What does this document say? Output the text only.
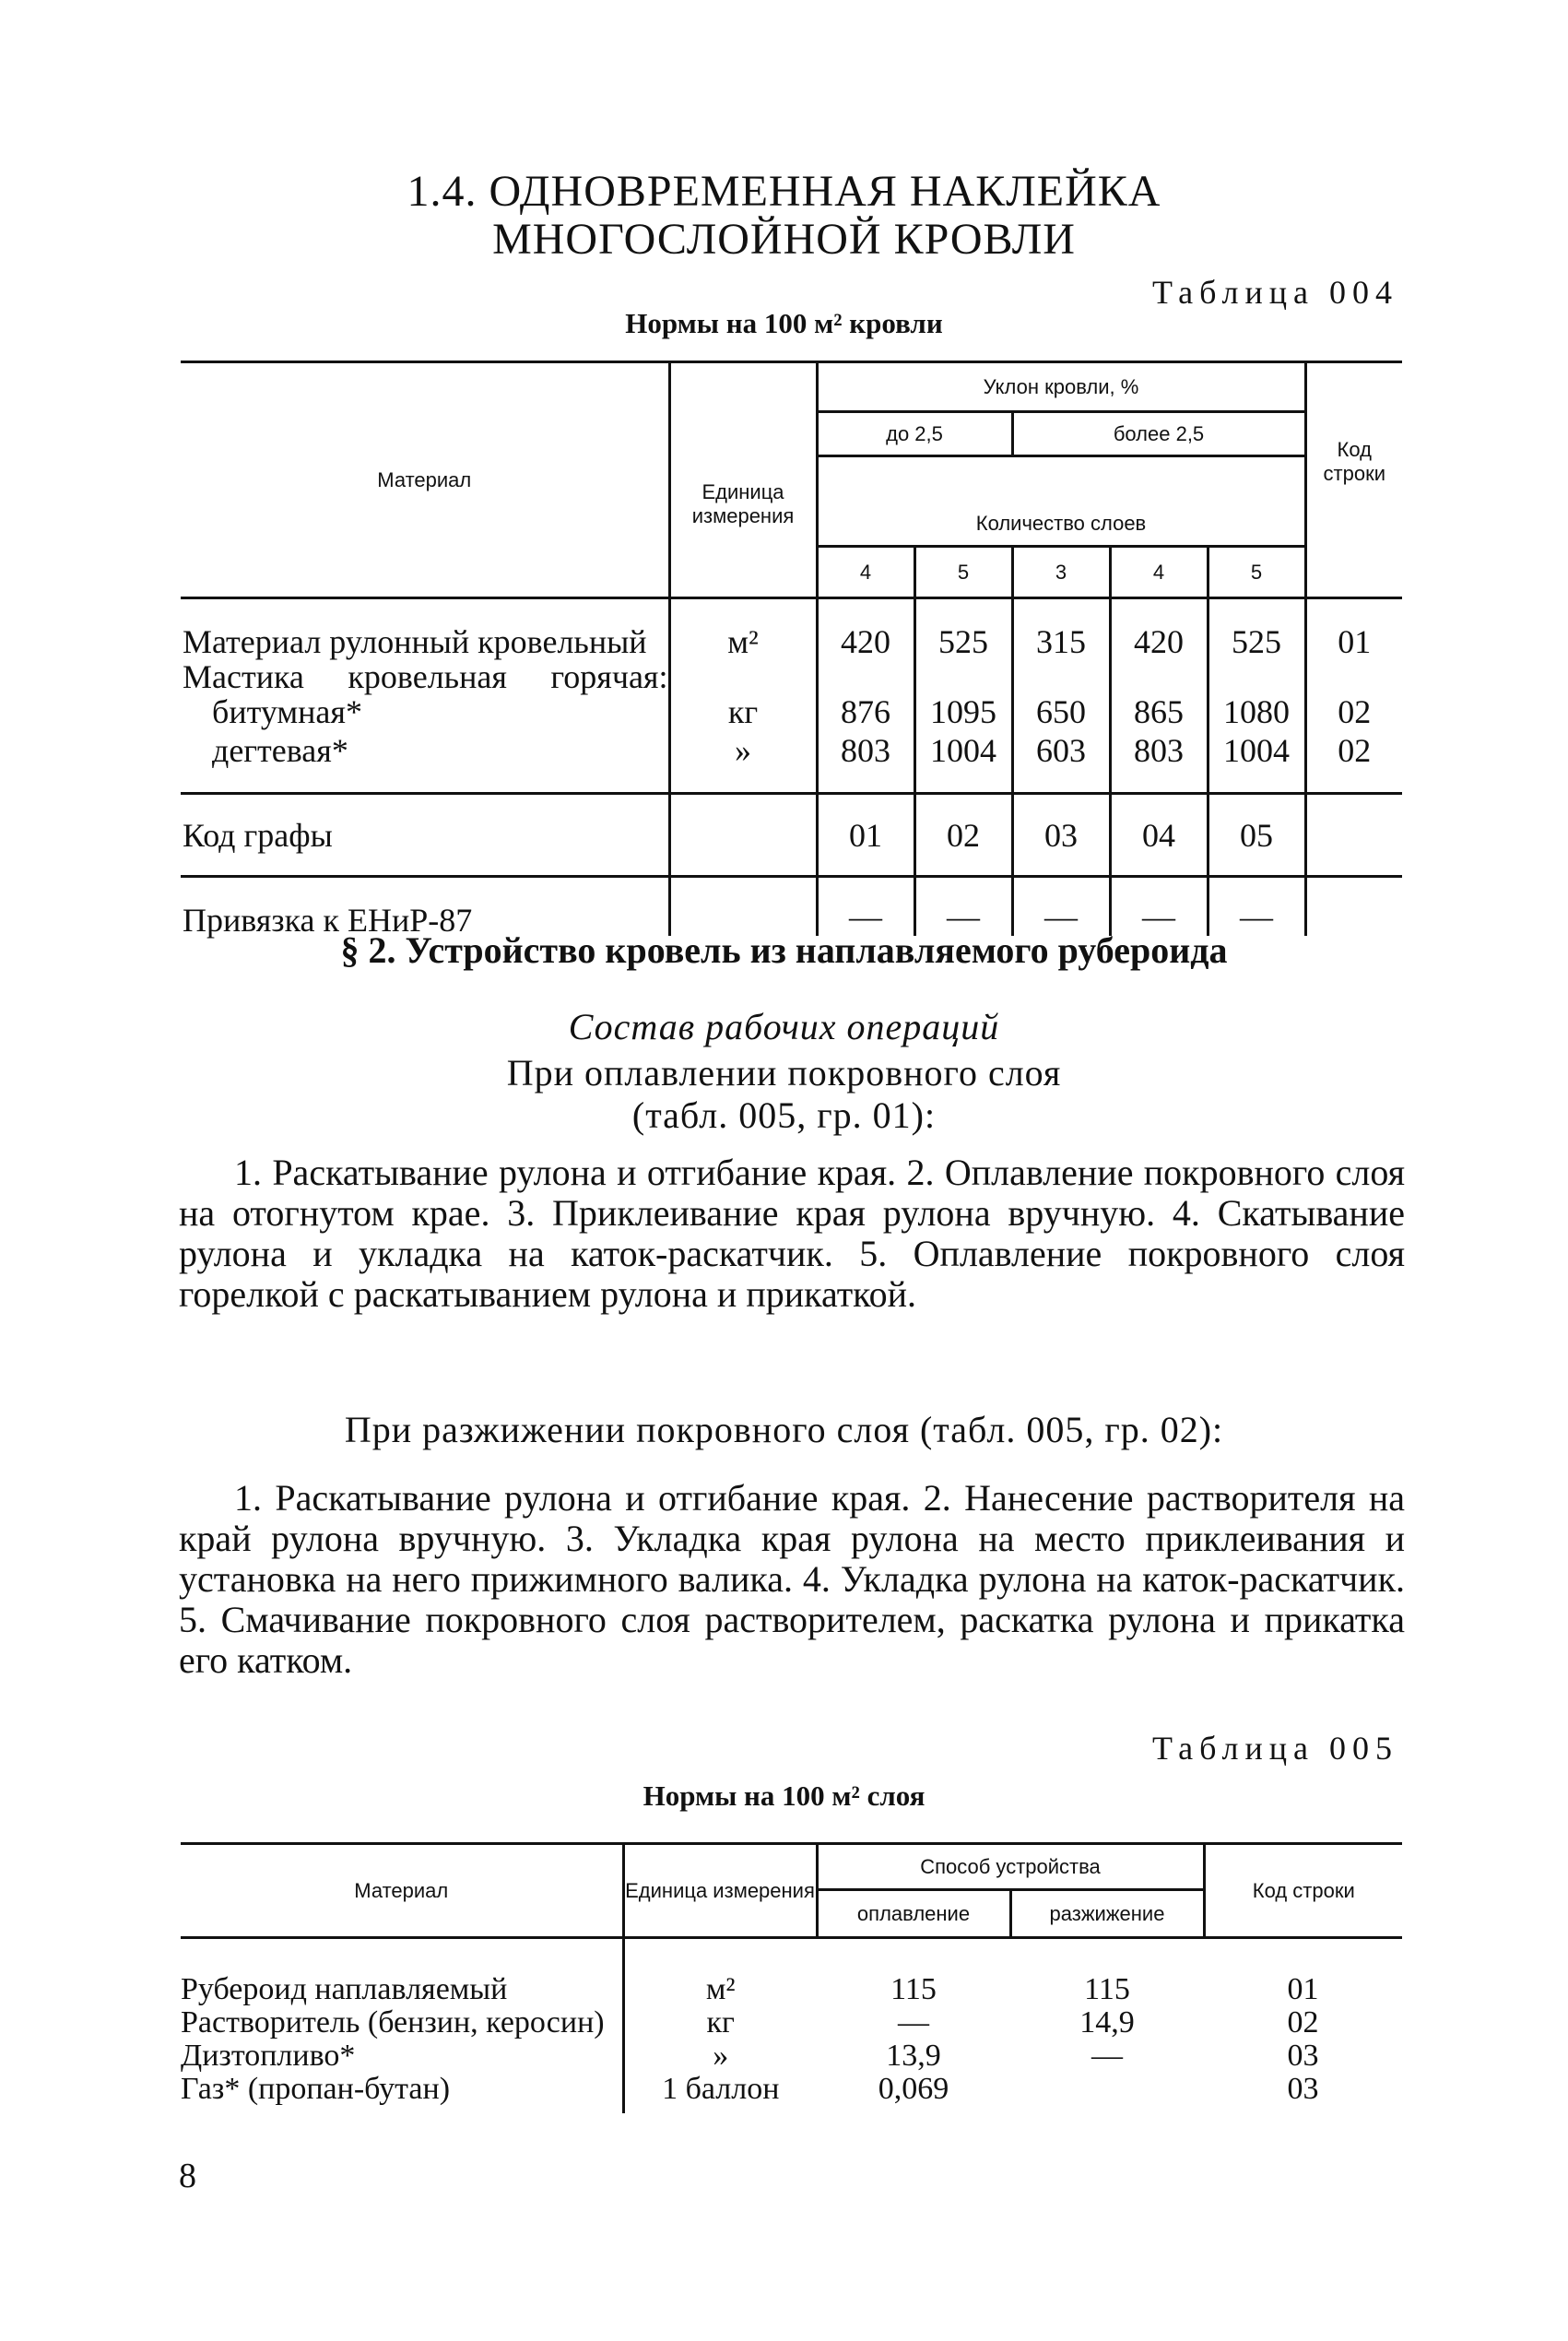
1.4. ОДНОВРЕМЕННАЯ НАКЛЕЙКА
МНОГОСЛОЙНОЙ КРОВЛИ
Таблица 004
Нормы на 100 м² кровли
Материал	Единица измерения	Уклон кровли, %					Код строки
		до 2,5		более 2,5			
		Количество слоев					
		4	5	3	4	5	

Материал рулонный кровельный	м²	420	525	315	420	525	01
Мастика кровельная горячая:							
битумная*	кг	876	1095	650	865	1080	02
дегтевая*	»	803	1004	603	803	1004	02

Код графы		01	02	03	04	05	
Привязка к ЕНиР-87		—	—	—	—	—	
§ 2. Устройство кровель из наплавляемого рубероида
Состав рабочих операций
При оплавлении покровного слоя
(табл. 005, гр. 01):

1. Раскатывание рулона и отгибание края. 2. Оплавление покровного слоя на отогнутом крае. 3. Приклеивание края рулона вручную. 4. Скатывание рулона и укладка на каток-раскатчик. 5. Оплавление покровного слоя горелкой с раскатыванием рулона и прикаткой.

При разжижении покровного слоя (табл. 005, гр. 02):

1. Раскатывание рулона и отгибание края. 2. Нанесение растворителя на край рулона вручную. 3. Укладка края рулона на место приклеивания и установка на него прижимного валика. 4. Укладка рулона на каток-раскатчик. 5. Смачивание покровного слоя растворителем, раскатка рулона и прикатка его катком.

Таблица 005
Нормы на 100 м² слоя
Материал	Единица измерения	Способ устройства		Код строки
		оплавление	разжижение	

Рубероид наплавляемый	м²	115	115	01
Растворитель (бензин, керосин)	кг	—	14,9	02
Дизтопливо*	»	13,9	—	03
Газ* (пропан-бутан)	1 баллон	0,069		03

8
